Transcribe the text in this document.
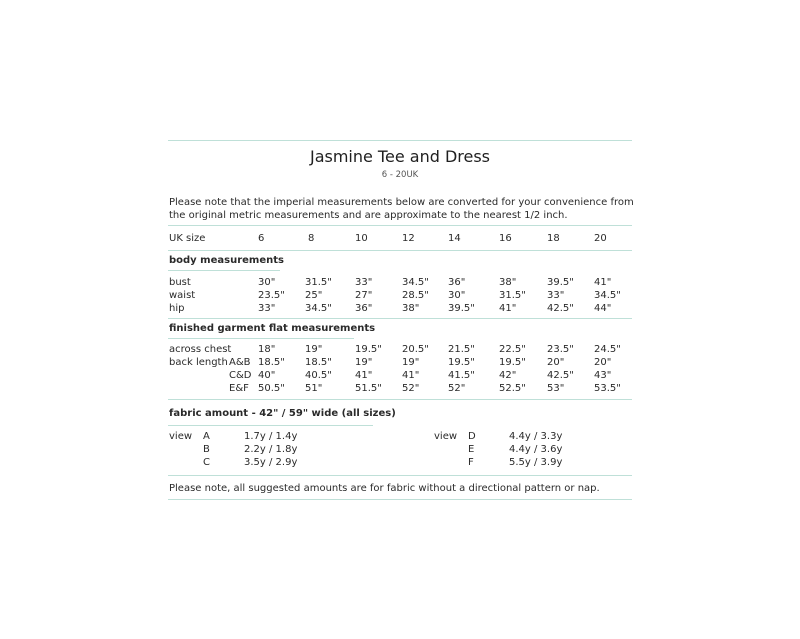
Jasmine Tee and Dress
6 - 20UK
Please note that the imperial measurements below are converted for your convenience from
the original metric measurements and are approximate to the nearest 1/2 inch.
UK size	6	8	10	12	14	16	18	20
body measurements
bust	30"	31.5" 33"	34.5" 36"	38"	39.5" 41"
waist	23.5" 25"	27"	28.5" 30"	31.5" 33"	34.5"
hip	33"	34.5" 36"	38"	39.5" 41"	42.5" 44"
finished garment flat measurements
across chest	18"	19"	19.5" 20.5" 21.5" 22.5" 23.5" 24.5"
back length A&B 18.5" 18.5" 19"	19"	19.5" 19.5" 20"	20"
C&D 40"	40.5" 41"	41"	41.5" 42"	42.5" 43"
E&F 50.5" 51"	51.5" 52"	52"	52.5" 53"	53.5"
fabric amount - 42" / 59" wide (all sizes)
view A	1.7y / 1.4y
B	2.2y / 1.8y
C	3.5y / 2.9y
view D	4.4y / 3.3y
E	4.4y / 3.6y
F	5.5y / 3.9y
Please note, all suggested amounts are for fabric without a directional pattern or nap.
